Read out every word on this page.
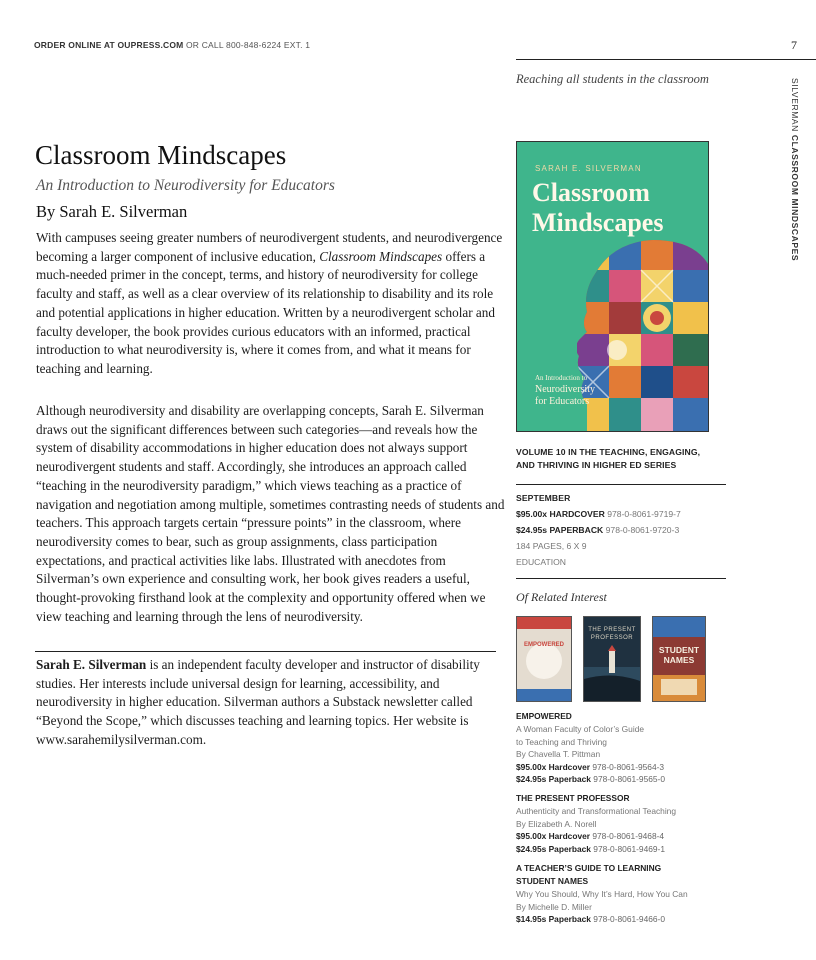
ORDER ONLINE AT OUPRESS.COM OR CALL 800-848-6224 EXT. 1	7
Reaching all students in the classroom	SILVERMAN CLASSROOM MINDSCAPES
Classroom Mindscapes
An Introduction to Neurodiversity for Educators
By Sarah E. Silverman

With campuses seeing greater numbers of neurodivergent students, and neurodivergence becoming a larger component of inclusive education, Classroom Mindscapes offers a much-needed primer in the concept, terms, and history of neurodiversity for college faculty and staff, as well as a clear overview of its relationship to disability and its role and potential applications in higher education. Written by a neurodivergent scholar and faculty developer, the book provides curious educators with an informed, practical introduction to what neurodiversity is, where it comes from, and what it means for teaching and learning.

Although neurodiversity and disability are overlapping concepts, Sarah E. Silverman draws out the significant differences between such categories—and reveals how the system of disability accommodations in higher education does not always support neurodivergent students and staff. Accordingly, she introduces an approach called “teaching in the neurodiversity paradigm,” which views teaching as a practice of navigation and negotiation among multiple, sometimes contrasting needs of students and teachers. This approach targets certain “pressure points” in the classroom, where neurodiversity comes to bear, such as group assignments, class participation expectations, and practical activities like labs. Illustrated with anecdotes from Silverman’s own experience and consulting work, her book gives readers a useful, thought-provoking firsthand look at the complexity and opportunity offered when we view teaching and learning through the lens of neurodiversity.

Sarah E. Silverman is an independent faculty developer and instructor of disability studies. Her interests include universal design for learning, accessibility, and neurodiversity in higher education. Silverman authors a Substack newsletter called “Beyond the Scope,” which discusses teaching and learning topics. Her website is www.sarahemilysilverman.com.

SARAH E. SILVERMAN
Classroom
Mindscapes
An Introduction to
Neurodiversity
for Educators
VOLUME 10 IN THE TEACHING, ENGAGING, AND THRIVING IN HIGHER ED SERIES
SEPTEMBER
$95.00x HARDCOVER 978-0-8061-9719-7
$24.95s PAPERBACK 978-0-8061-9720-3
184 PAGES, 6 X 9
EDUCATION
Of Related Interest
EMPOWERED
THE PRESENT
PROFESSOR
STUDENT
NAMES
EMPOWERED
A Woman Faculty of Color’s Guide
to Teaching and Thriving
By Chavella T. Pittman
$95.00x Hardcover 978-0-8061-9564-3
$24.95s Paperback 978-0-8061-9565-0
THE PRESENT PROFESSOR
Authenticity and Transformational Teaching
By Elizabeth A. Norell
$95.00x Hardcover 978-0-8061-9468-4
$24.95s Paperback 978-0-8061-9469-1
A TEACHER’S GUIDE TO LEARNING
STUDENT NAMES
Why You Should, Why It’s Hard, How You Can
By Michelle D. Miller
$14.95s Paperback 978-0-8061-9466-0
